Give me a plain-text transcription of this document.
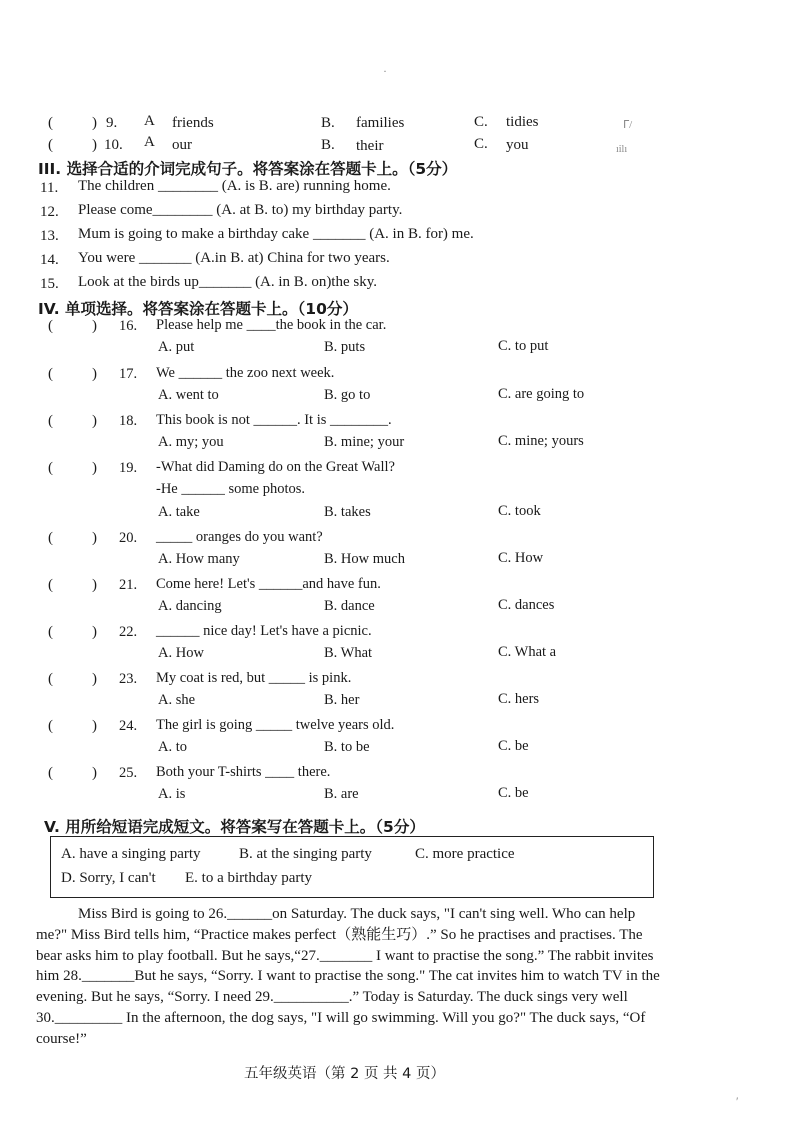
(	) 9. A friends	B. families	C. tidies
(	) 10. A our	B. their	C. you
III. 选择合适的介词完成句子。将答案涂在答题卡上。（5分）
11. The children ________ (A. is B. are) running home.
12. Please come________ (A. at B. to) my birthday party.
13. Mum is going to make a birthday cake _______ (A. in B. for) me.
14. You were _______ (A.in B. at) China for two years.
15. Look at the birds up_______ (A. in B. on)the sky.
IV. 单项选择。将答案涂在答题卡上。（10分）
(	) 16. Please help me ____the book in the car.
A. put	B. puts	C. to put
(	) 17. We ______ the zoo next week.
A. went to	B. go to	C. are going to
(	) 18. This book is not ______. It is ________.
A. my; you	B. mine; your	C. mine; yours
(	) 19. -What did Daming do on the Great Wall?
-He ______ some photos.
A. take	B. takes	C. took
(	) 20. _____ oranges do you want?
A. How many	B. How much	C. How
(	) 21. Come here! Let's ______and have fun.
A. dancing	B. dance	C. dances
(	) 22. ______ nice day! Let's have a picnic.
A. How	B. What	C. What a
(	) 23. My coat is red, but _____ is pink.
A. she	B. her	C. hers
(	) 24. The girl is going _____ twelve years old.
A. to	B. to be	C. be
(	) 25. Both your T-shirts ____ there.
A. is	B. are	C. be
V. 用所给短语完成短文。将答案写在答题卡上。（5分）
A. have a singing party	B. at the singing party	C. more practice
D. Sorry, I can't E. to a birthday party

Miss Bird is going to 26.______on Saturday. The duck says, "I can't sing well. Who can help me?" Miss Bird tells him, “Practice makes perfect（熟能生巧）.” So he practises and practises. The bear asks him to play football. But he says,“27._______ I want to practise the song.” The rabbit invites him 28._______But he says, “Sorry. I want to practise the song." The cat invites him to watch TV in the evening. But he says, “Sorry. I need 29.__________.” Today is Saturday. The duck sings very well 30._________ In the afternoon, the dog says, "I will go swimming. Will you go?" The duck says, “Of course!”

五年级英语（第 2 页 共 4 页）
·
ᒥ/
ıilı
′
